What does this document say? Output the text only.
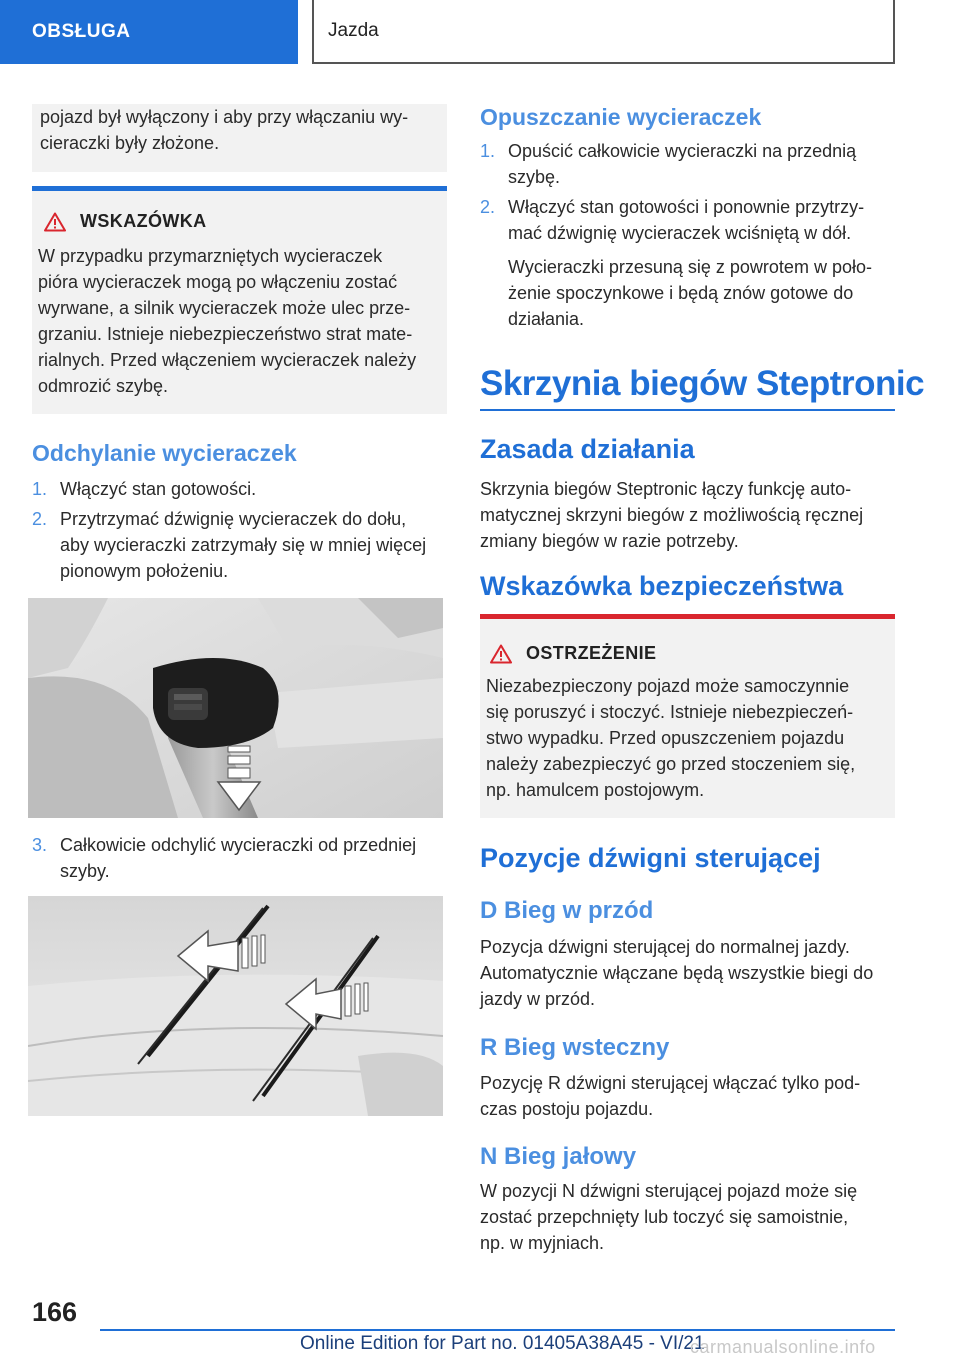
OBSŁUGA	Jazda
pojazd był wyłączony i aby przy włączaniu wy-
cieraczki były złożone.
WSKAZÓWKA
W przypadku przymarzniętych wycieraczek
pióra wycieraczek mogą po włączeniu zostać
wyrwane, a silnik wycieraczek może ulec prze-
grzaniu. Istnieje niebezpieczeństwo strat mate-
rialnych. Przed włączeniem wycieraczek należy
odmrozić szybę.
Odchylanie wycieraczek
1. Włączyć stan gotowości.
2. Przytrzymać dźwignię wycieraczek do dołu,
aby wycieraczki zatrzymały się w mniej więcej
pionowym położeniu.
3. Całkowicie odchylić wycieraczki od przedniej
szyby.
Opuszczanie wycieraczek
1. Opuścić całkowicie wycieraczki na przednią
szybę.
2. Włączyć stan gotowości i ponownie przytrzy-
mać dźwignię wycieraczek wciśniętą w dół.
Wycieraczki przesuną się z powrotem w poło-
żenie spoczynkowe i będą znów gotowe do
działania.
Skrzynia biegów Steptronic
Zasada działania
Skrzynia biegów Steptronic łączy funkcję auto-
matycznej skrzyni biegów z możliwością ręcznej
zmiany biegów w razie potrzeby.
Wskazówka bezpieczeństwa
OSTRZEŻENIE
Niezabezpieczony pojazd może samoczynnie
się poruszyć i stoczyć. Istnieje niebezpieczeń-
stwo wypadku. Przed opuszczeniem pojazdu
należy zabezpieczyć go przed stoczeniem się,
np. hamulcem postojowym.
Pozycje dźwigni sterującej
D Bieg w przód
Pozycja dźwigni sterującej do normalnej jazdy.
Automatycznie włączane będą wszystkie biegi do
jazdy w przód.
R Bieg wsteczny
Pozycję R dźwigni sterującej włączać tylko pod-
czas postoju pojazdu.
N Bieg jałowy
W pozycji N dźwigni sterującej pojazd może się
zostać przepchnięty lub toczyć się samoistnie,
np. w myjniach.
166
Online Edition for Part no. 01405A38A45 - VI/21
carmanualsonline.info
